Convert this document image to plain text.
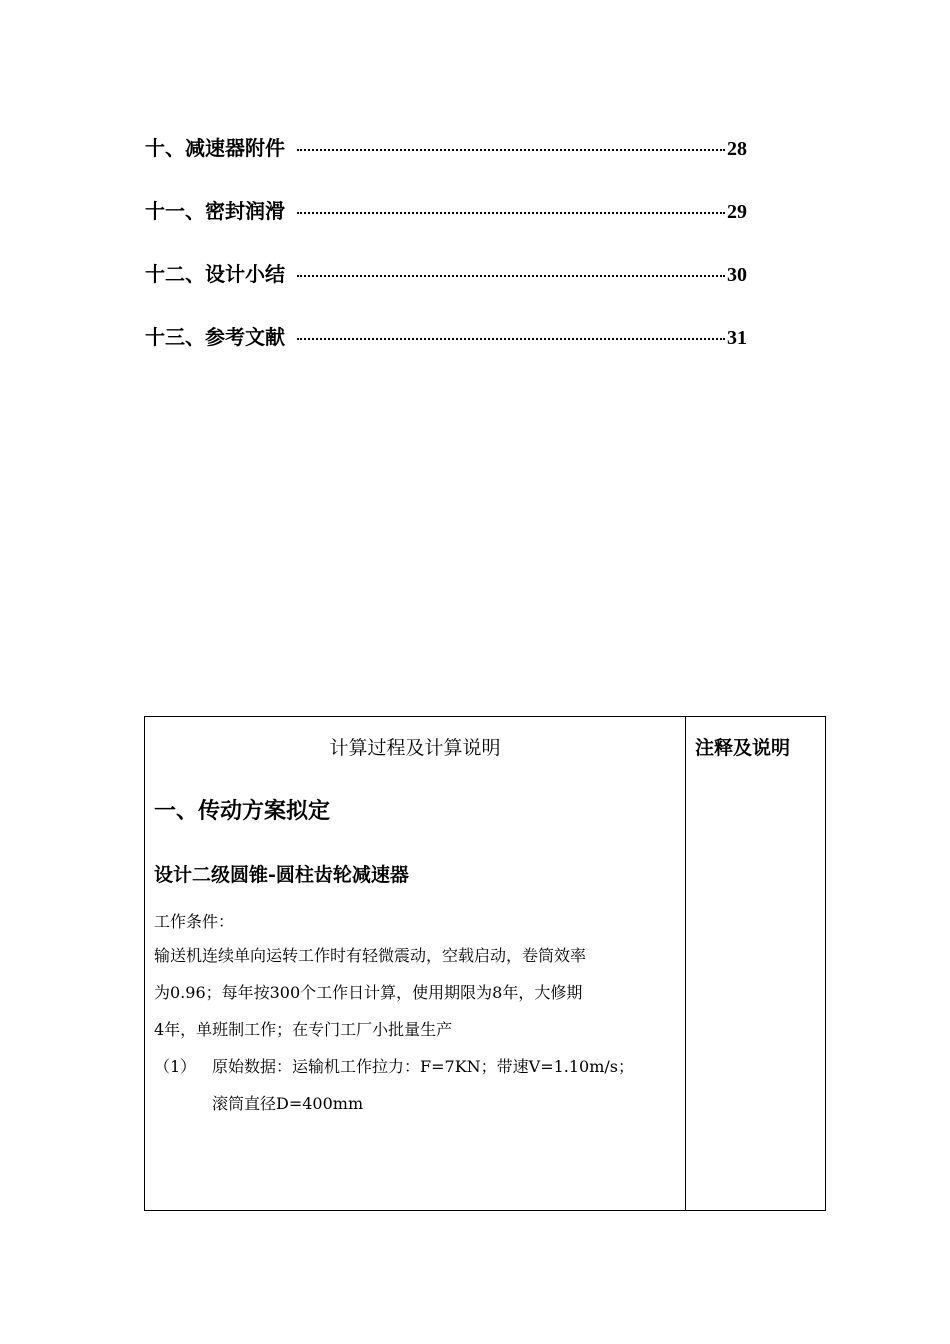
十、减速器附件	28
十一、密封润滑	29
十二、设计小结	30
十三、参考文献	31
计算过程及计算说明
一、传动方案拟定
设计二级圆锥-圆柱齿轮减速器
工作条件：
输送机连续单向运转工作时有轻微震动，空载启动，卷筒效率
为0.96；每年按300个工作日计算，使用期限为8年，大修期
4年，单班制工作；在专门工厂小批量生产
（1） 原始数据：运输机工作拉力：F=7KN；带速V=1.10m/s；
滚筒直径D=400mm

注释及说明
